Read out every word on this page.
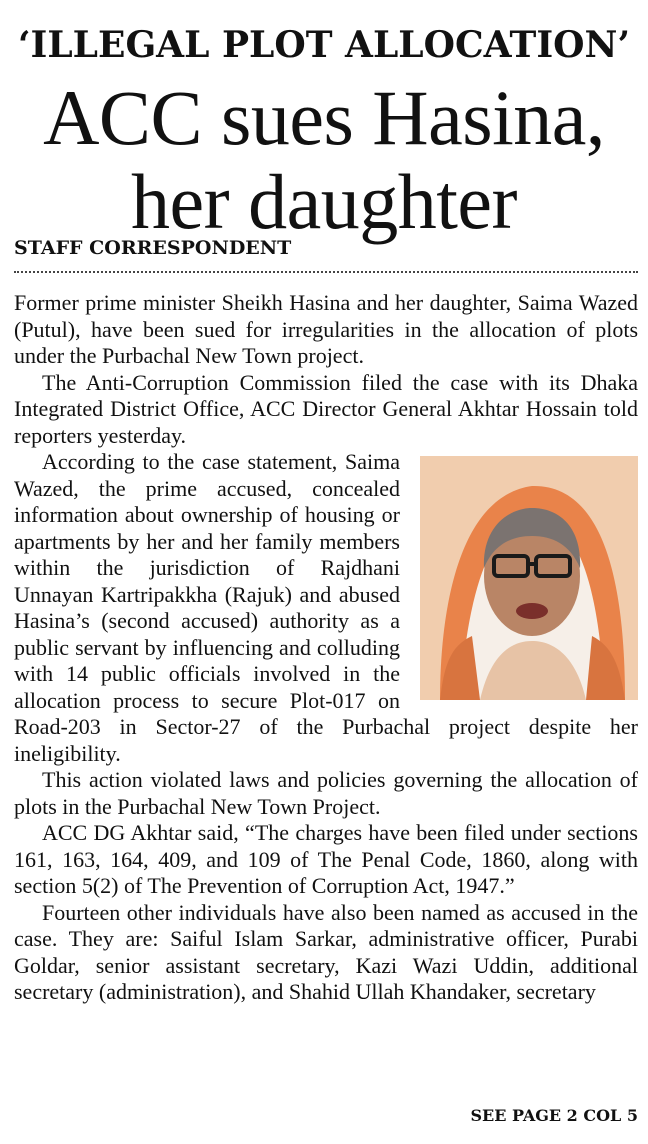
‘ILLEGAL PLOT ALLOCATION’
ACC sues Hasina,
her daughter
STAFF CORRESPONDENT

Former prime minister Sheikh Hasina and her daughter, Saima Wazed (Putul), have been sued for irregularities in the allocation of plots under the Purbachal New Town project.

The Anti-Corruption Commission filed the case with its Dhaka Integrated District Office, ACC Director General Akhtar Hossain told reporters yesterday.

According to the case statement, Saima Wazed, the prime accused, concealed information about ownership of housing or apartments by her and her family members within the jurisdiction of Rajdhani Unnayan Kartripakkha (Rajuk) and abused Hasina’s (second accused) authority as a public servant by influencing and colluding with 14 public officials involved in the allocation process to secure Plot-017 on Road-203 in Sector-27 of the Purbachal project despite her ineligibility.

This action violated laws and policies governing the allocation of plots in the Purbachal New Town Project.

ACC DG Akhtar said, “The charges have been filed under sections 161, 163, 164, 409, and 109 of The Penal Code, 1860, along with section 5(2) of The Prevention of Corruption Act, 1947.”

Fourteen other individuals have also been named as accused in the case. They are: Saiful Islam Sarkar, administrative officer, Purabi Goldar, senior assistant secretary, Kazi Wazi Uddin, additional secretary (administration), and Shahid Ullah Khandaker, secretary

SEE PAGE 2 COL 5
